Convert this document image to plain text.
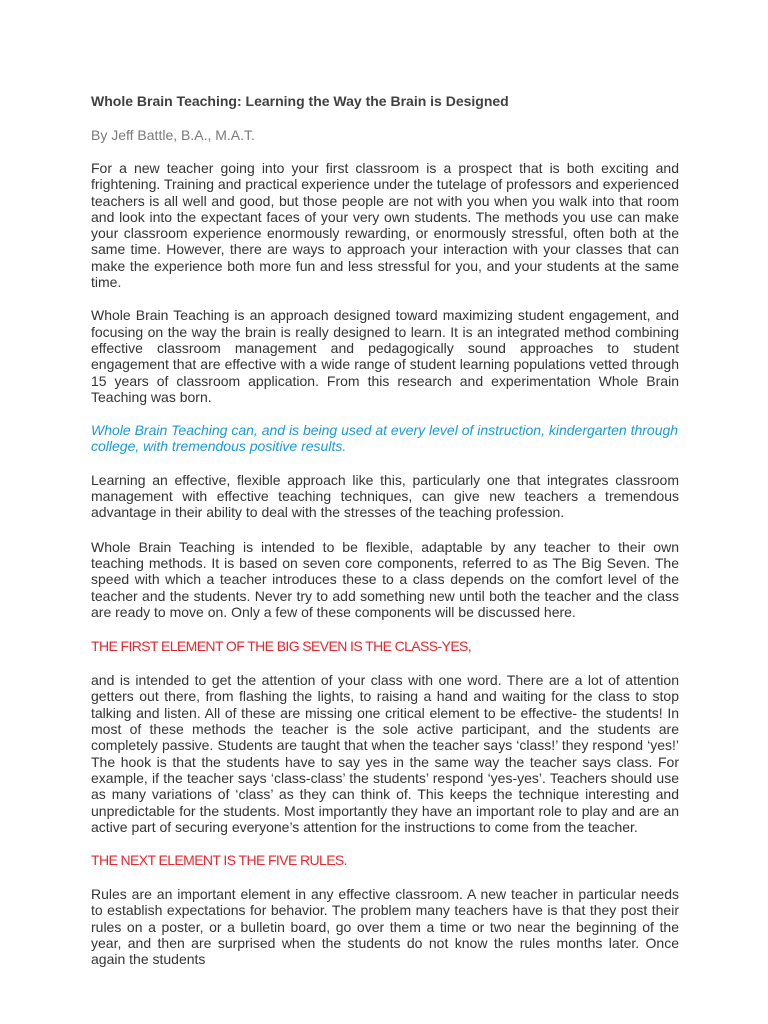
Whole Brain Teaching: Learning the Way the Brain is Designed
By Jeff Battle, B.A., M.A.T.

For a new teacher going into your first classroom is a prospect that is both exciting and frightening. Training and practical experience under the tutelage of professors and experienced teachers is all well and good, but those people are not with you when you walk into that room and look into the expectant faces of your very own students. The methods you use can make your classroom experience enormously rewarding, or enormously stressful, often both at the same time. However, there are ways to approach your interaction with your classes that can make the experience both more fun and less stressful for you, and your students at the same time.

Whole Brain Teaching is an approach designed toward maximizing student engagement, and focusing on the way the brain is really designed to learn. It is an integrated method combining effective classroom management and pedagogically sound approaches to student engagement that are effective with a wide range of student learning populations vetted through 15 years of classroom application. From this research and experimentation Whole Brain Teaching was born.

Whole Brain Teaching can, and is being used at every level of instruction, kindergarten through college, with tremendous positive results.

Learning an effective, flexible approach like this, particularly one that integrates classroom management with effective teaching techniques, can give new teachers a tremendous advantage in their ability to deal with the stresses of the teaching profession.

Whole Brain Teaching is intended to be flexible, adaptable by any teacher to their own teaching methods. It is based on seven core components, referred to as The Big Seven. The speed with which a teacher introduces these to a class depends on the comfort level of the teacher and the students. Never try to add something new until both the teacher and the class are ready to move on. Only a few of these components will be discussed here.

THE FIRST ELEMENT OF THE BIG SEVEN IS THE CLASS-YES,

and is intended to get the attention of your class with one word. There are a lot of attention getters out there, from flashing the lights, to raising a hand and waiting for the class to stop talking and listen. All of these are missing one critical element to be effective- the students! In most of these methods the teacher is the sole active participant, and the students are completely passive. Students are taught that when the teacher says ‘class!’ they respond ‘yes!’ The hook is that the students have to say yes in the same way the teacher says class. For example, if the teacher says ‘class-class’ the students’ respond ‘yes-yes’. Teachers should use as many variations of ‘class’ as they can think of. This keeps the technique interesting and unpredictable for the students. Most importantly they have an important role to play and are an active part of securing everyone’s attention for the instructions to come from the teacher.

THE NEXT ELEMENT IS THE FIVE RULES.

Rules are an important element in any effective classroom. A new teacher in particular needs to establish expectations for behavior. The problem many teachers have is that they post their rules on a poster, or a bulletin board, go over them a time or two near the beginning of the year, and then are surprised when the students do not know the rules months later. Once again the students
